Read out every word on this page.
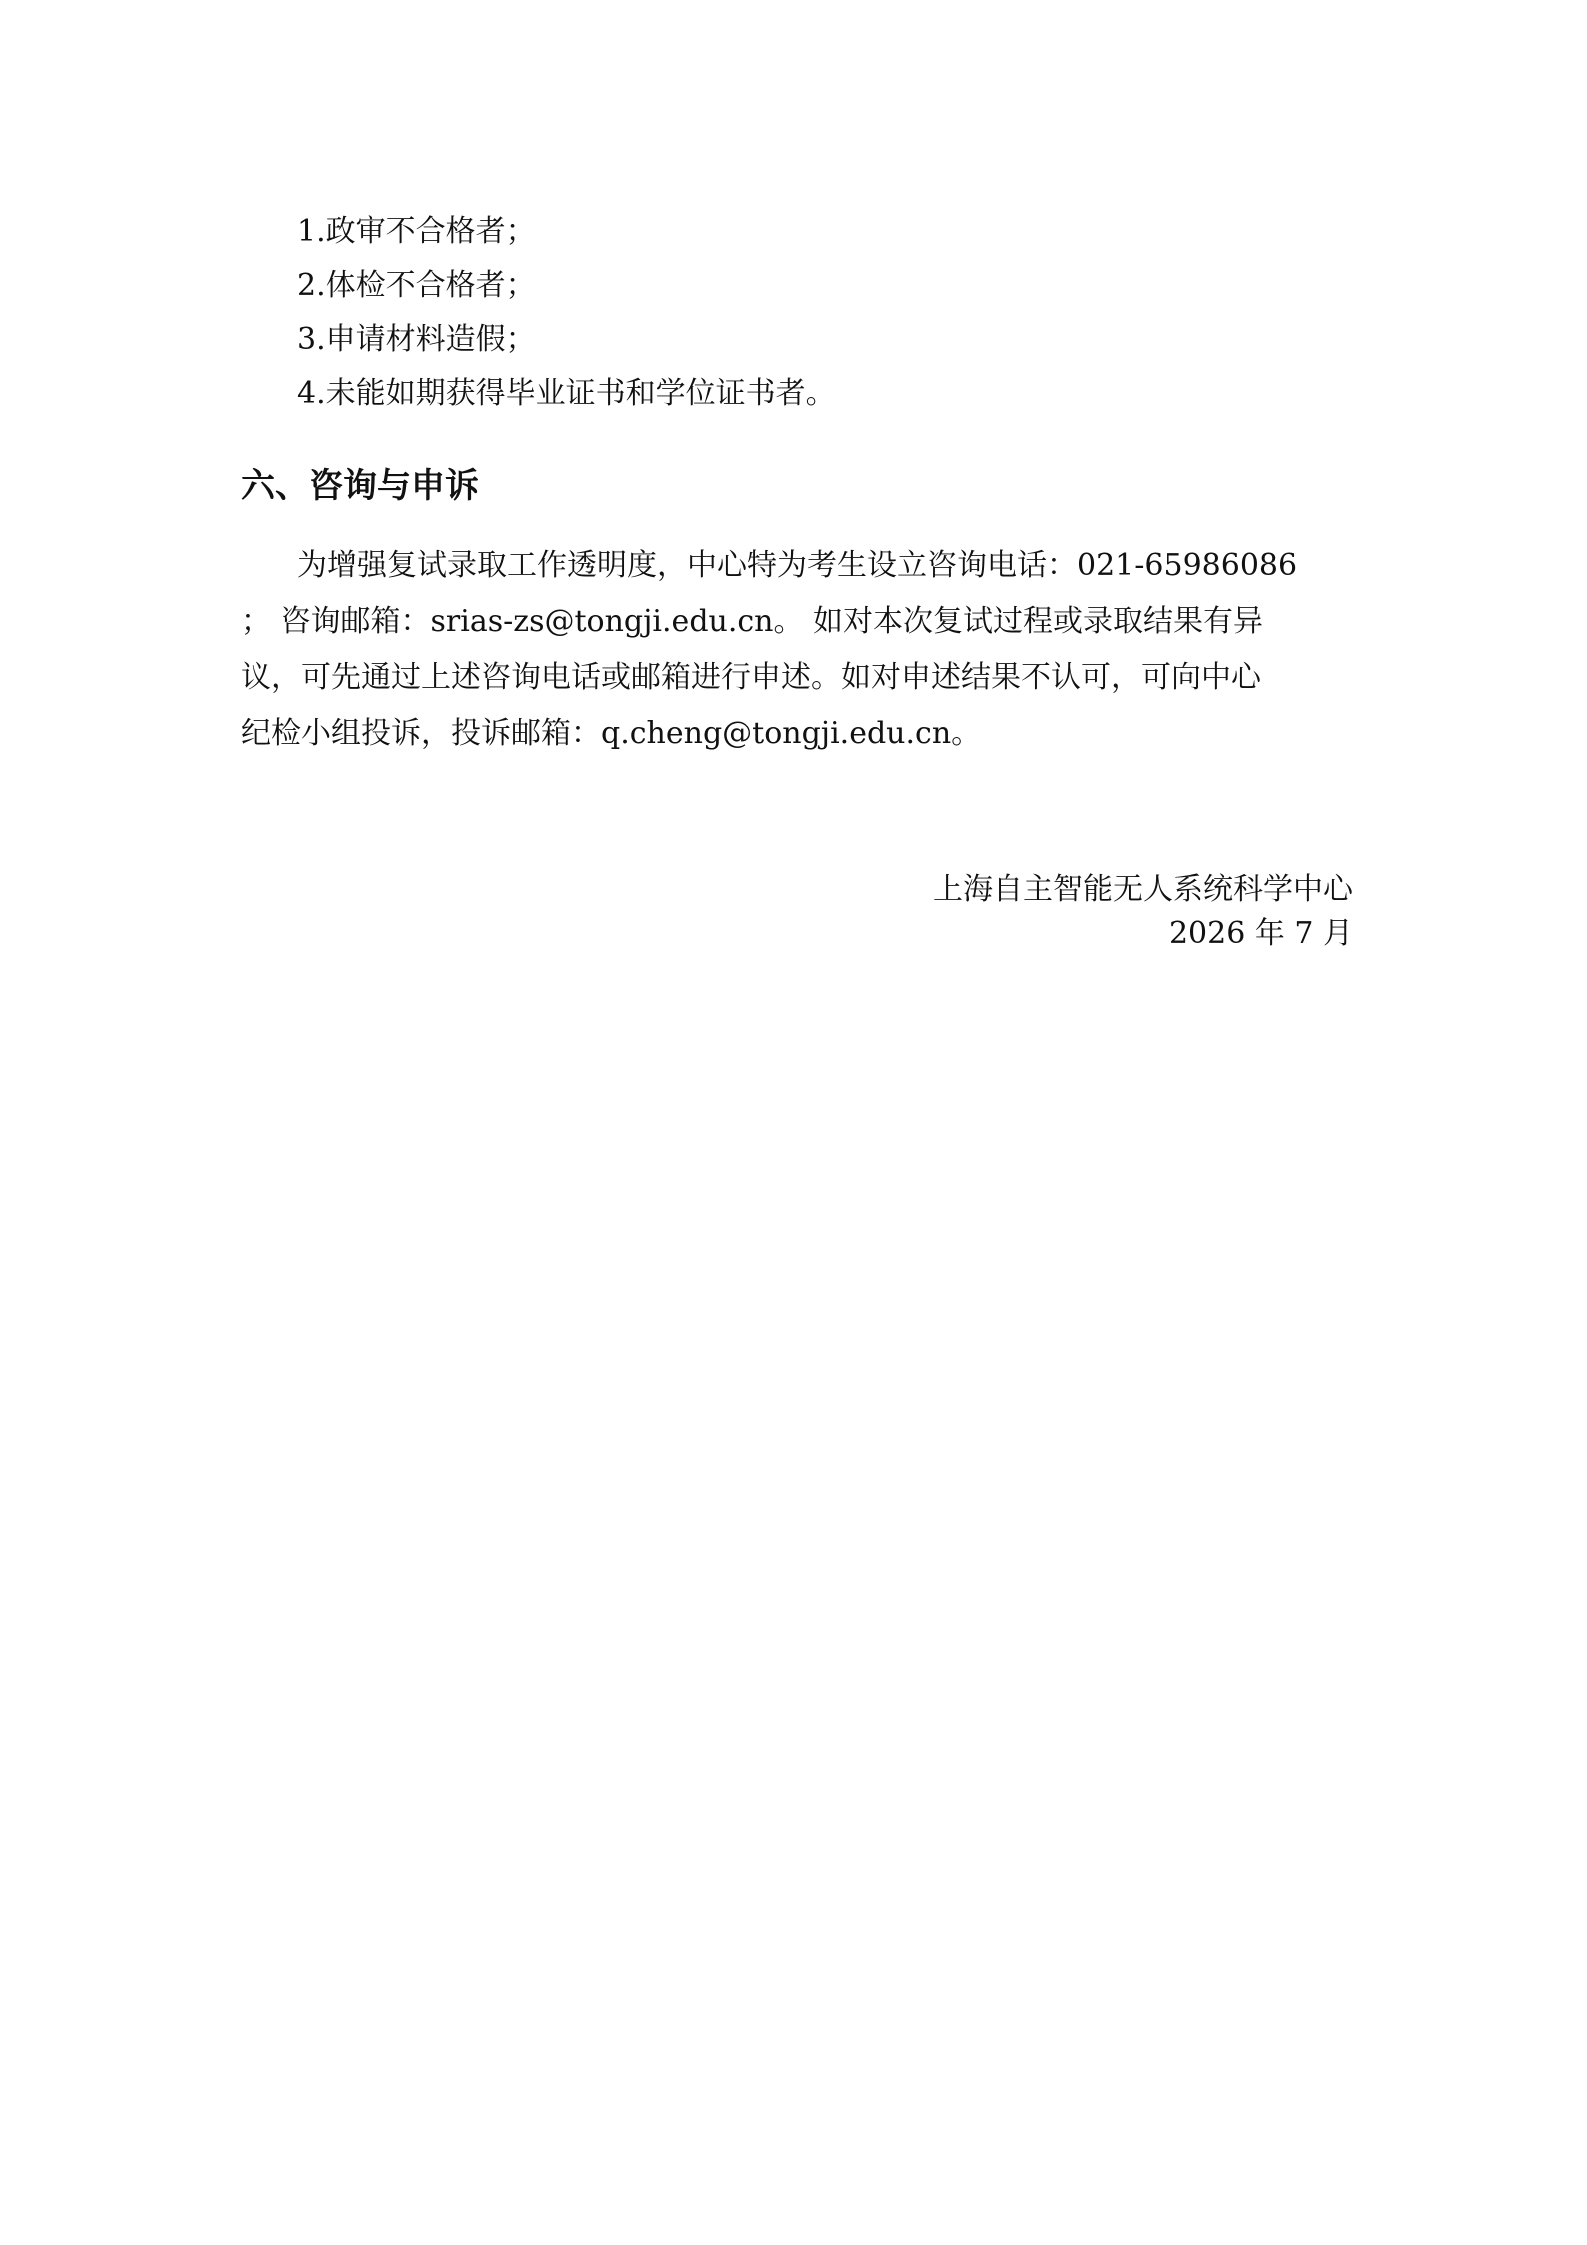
1.政审不合格者；
2.体检不合格者；
3.申请材料造假；
4.未能如期获得毕业证书和学位证书者。
六、咨询与申诉
为增强复试录取工作透明度，中心特为考生设立咨询电话：021-65986086
； 咨询邮箱：srias-zs@tongji.edu.cn。 如对本次复试过程或录取结果有异
议，可先通过上述咨询电话或邮箱进行申述。如对申述结果不认可，可向中心
纪检小组投诉，投诉邮箱：q.cheng@tongji.edu.cn。
上海自主智能无人系统科学中心
2026 年 7 月
